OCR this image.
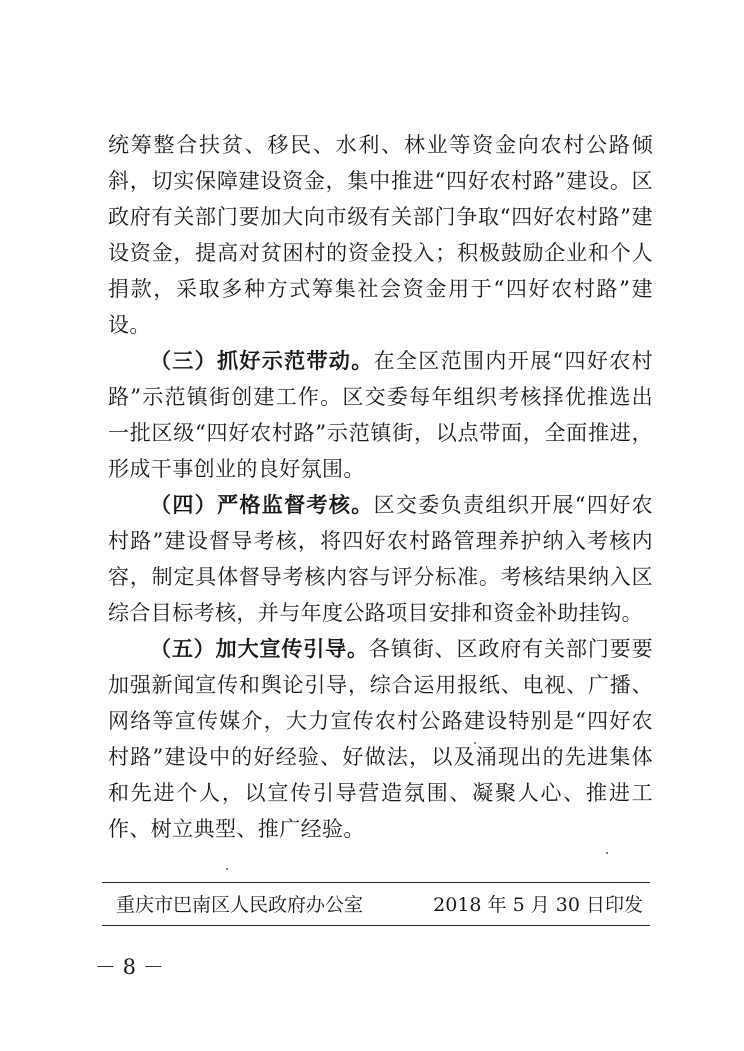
统筹整合扶贫、移民、水利、林业等资金向农村公路倾斜，切实保障建设资金，集中推进“四好农村路”建设。区政府有关部门要加大向市级有关部门争取“四好农村路”建设资金，提高对贫困村的资金投入；积极鼓励企业和个人捐款，采取多种方式筹集社会资金用于“四好农村路”建设。

（三）抓好示范带动。在全区范围内开展“四好农村路”示范镇街创建工作。区交委每年组织考核择优推选出一批区级“四好农村路”示范镇街，以点带面，全面推进，形成干事创业的良好氛围。

（四）严格监督考核。区交委负责组织开展“四好农村路”建设督导考核，将四好农村路管理养护纳入考核内容，制定具体督导考核内容与评分标准。考核结果纳入区综合目标考核，并与年度公路项目安排和资金补助挂钩。

（五）加大宣传引导。各镇街、区政府有关部门要要加强新闻宣传和舆论引导，综合运用报纸、电视、广播、网络等宣传媒介，大力宣传农村公路建设特别是“四好农村路”建设中的好经验、好做法，以及涌现出的先进集体和先进个人，以宣传引导营造氛围、凝聚人心、推进工作、树立典型、推广经验。

重庆市巴南区人民政府办公室	2018 年 5 月 30 日印发
－ 8 －
